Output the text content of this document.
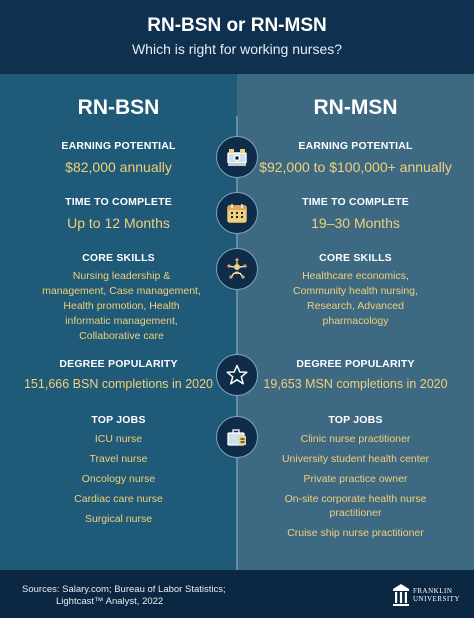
RN-BSN or RN-MSN
Which is right for working nurses?
RN-BSN
EARNING POTENTIAL
$82,000 annually
TIME TO COMPLETE
Up to 12 Months
CORE SKILLS
Nursing leadership & management, Case management, Health promotion, Health informatic management, Collaborative care
DEGREE POPULARITY
151,666 BSN completions in 2020
TOP JOBS
ICU nurse
Travel nurse
Oncology nurse
Cardiac care nurse
Surgical nurse
RN-MSN
EARNING POTENTIAL
$92,000 to $100,000+ annually
TIME TO COMPLETE
19–30 Months
CORE SKILLS
Healthcare economics, Community health nursing, Research, Advanced pharmacology
DEGREE POPULARITY
19,653 MSN completions in 2020
TOP JOBS
Clinic nurse practitioner
University student health center
Private practice owner
On-site corporate health nurse practitioner
Cruise ship nurse practitioner
Sources: Salary.com; Bureau of Labor Statistics;
Lightcast™ Analyst, 2022
FRANKLIN
UNIVERSITY
